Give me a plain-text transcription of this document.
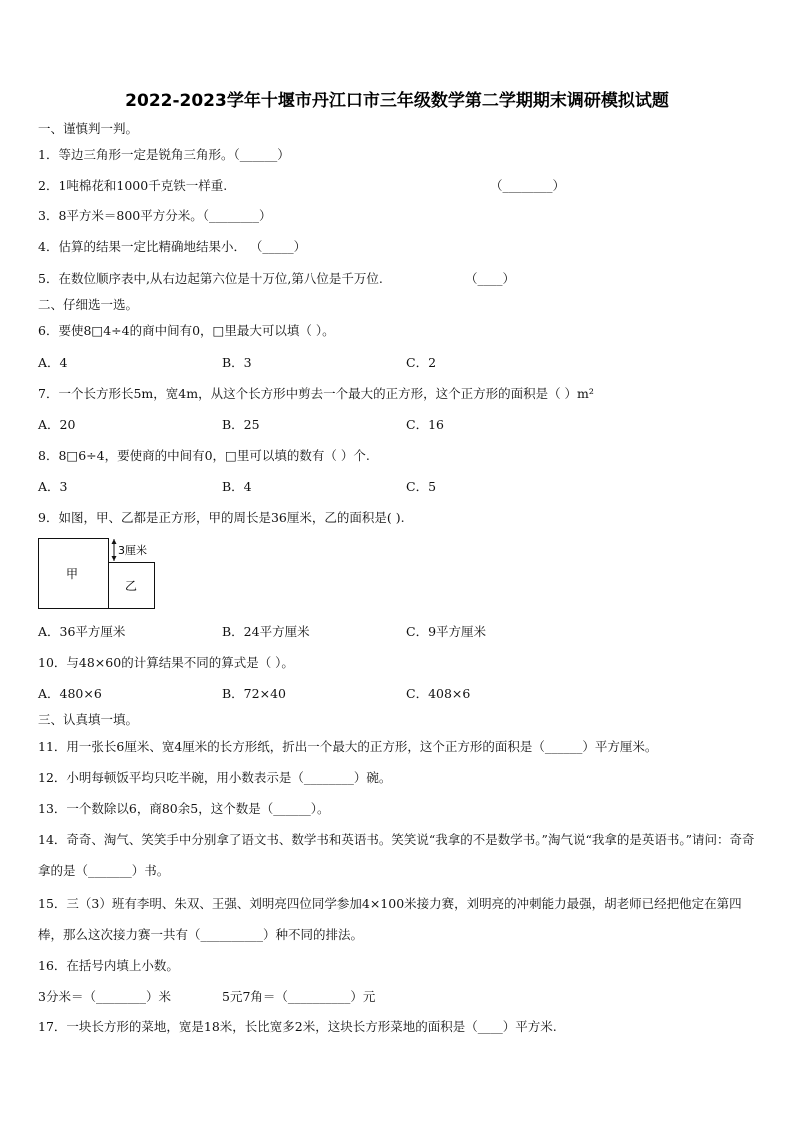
2022-2023学年十堰市丹江口市三年级数学第二学期期末调研模拟试题
一、谨慎判一判。
1．等边三角形一定是锐角三角形。（______）
2．1吨棉花和1000千克铁一样重.	（________）
3．8平方米＝800平方分米。（________）
4．估算的结果一定比精确地结果小． （_____）
5．在数位顺序表中,从右边起第六位是十万位,第八位是千万位.	（____）
二、仔细选一选。
6．要使8□4÷4的商中间有0，□里最大可以填（ ）。
A．4	B．3	C．2
7．一个长方形长5m，宽4m，从这个长方形中剪去一个最大的正方形，这个正方形的面积是（ ）m²
A．20	B．25	C．16
8．8□6÷4，要使商的中间有0，□里可以填的数有（ ）个.
A．3	B．4	C．5
9．如图，甲、乙都是正方形，甲的周长是36厘米，乙的面积是( ).
甲
乙
3厘米
A．36平方厘米	B．24平方厘米	C．9平方厘米
10．与48×60的计算结果不同的算式是（ ）。
A．480×6	B．72×40	C．408×6
三、认真填一填。
11．用一张长6厘米、宽4厘米的长方形纸，折出一个最大的正方形，这个正方形的面积是（______）平方厘米。
12．小明每顿饭平均只吃半碗，用小数表示是（________）碗。
13．一个数除以6，商80余5，这个数是（______）。
14．奇奇、淘气、笑笑手中分别拿了语文书、数学书和英语书。笑笑说“我拿的不是数学书。”淘气说“我拿的是英语书。”请问：奇奇拿的是（_______）书。
15．三（3）班有李明、朱双、王强、刘明亮四位同学参加4×100米接力赛，刘明亮的冲刺能力最强，胡老师已经把他定在第四棒，那么这次接力赛一共有（__________）种不同的排法。
16．在括号内填上小数。
3分米＝（________）米	5元7角＝（__________）元
17．一块长方形的菜地，宽是18米，长比宽多2米，这块长方形菜地的面积是（____）平方米.
